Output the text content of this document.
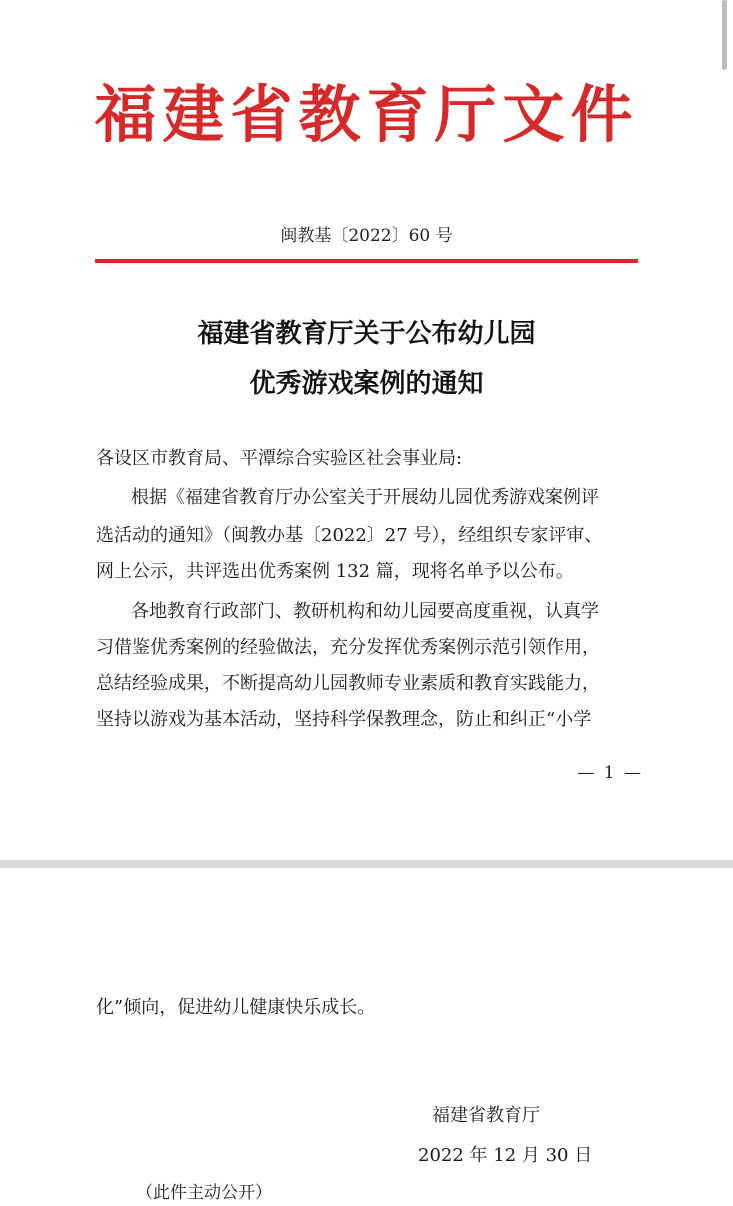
福建省教育厅文件
闽教基〔2022〕60 号
福建省教育厅关于公布幼儿园
优秀游戏案例的通知
各设区市教育局、平潭综合实验区社会事业局:
根据《福建省教育厅办公室关于开展幼儿园优秀游戏案例评
选活动的通知》（闽教办基〔2022〕27 号），经组织专家评审、
网上公示，共评选出优秀案例 132 篇，现将名单予以公布。
各地教育行政部门、教研机构和幼儿园要高度重视，认真学
习借鉴优秀案例的经验做法，充分发挥优秀案例示范引领作用，
总结经验成果，不断提高幼儿园教师专业素质和教育实践能力，
坚持以游戏为基本活动，坚持科学保教理念，防止和纠正“小学
— 1 —
化”倾向，促进幼儿健康快乐成长。
福建省教育厅
2022 年 12 月 30 日
（此件主动公开）
